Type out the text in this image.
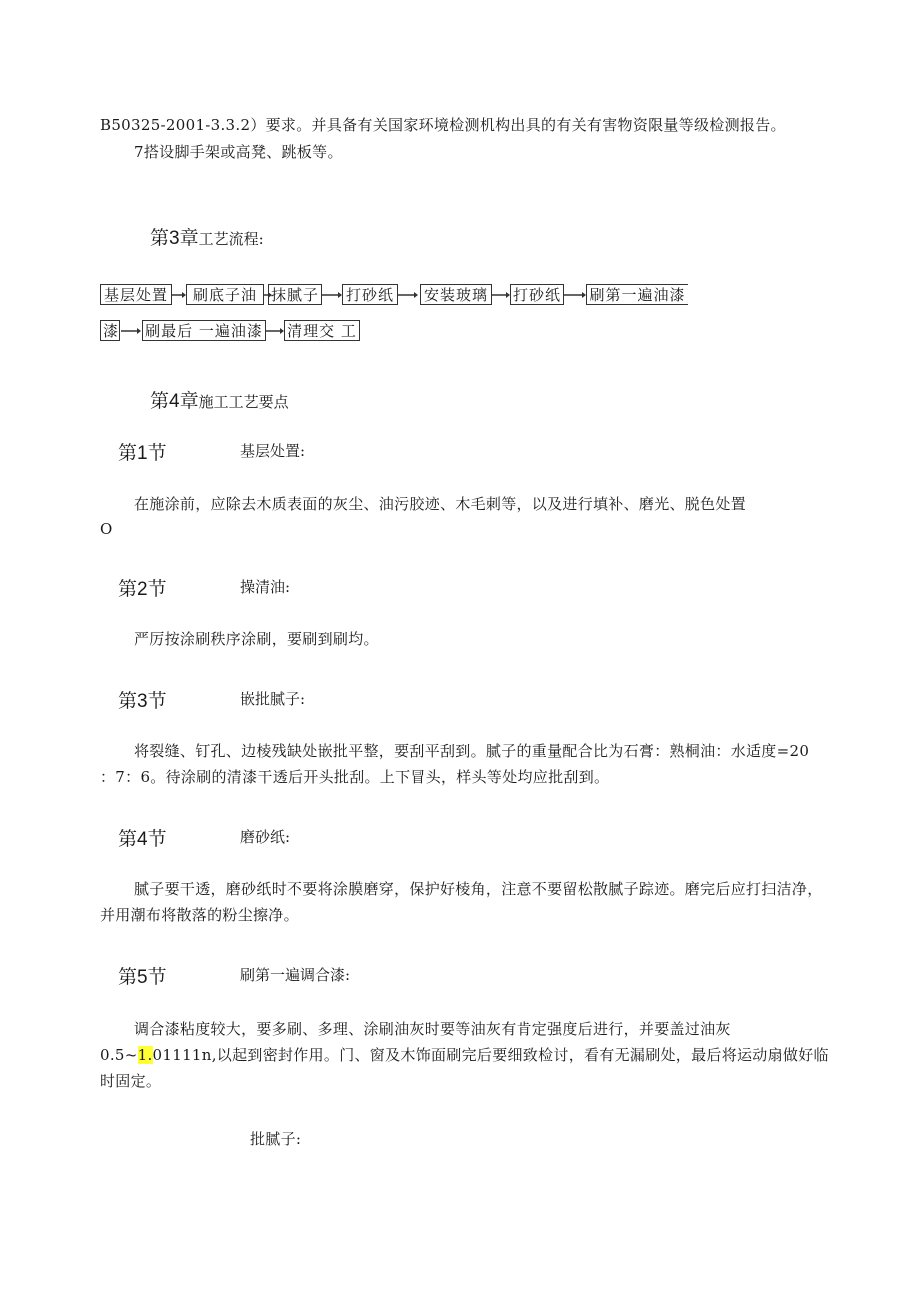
B50325-2001-3.3.2）要求。并具备有关国家环境检测机构出具的有关有害物资限量等级检测报告。
7搭设脚手架或高凳、跳板等。
第3章工艺流程:
基层处置	刷底子油 抹腻子 打砂纸 安装玻璃 打砂纸 刷第一遍油漆
漆 刷最后 一遍油漆 清理交 工
第4章施工工艺要点
第1节	基层处置:
在施涂前，应除去木质表面的灰尘、油污胶迹、木毛刺等，以及进行填补、磨光、脱色处置
O
第2节	操清油:
严厉按涂刷秩序涂刷，要刷到刷均。
第3节	嵌批腻子:
将裂缝、钉孔、边棱残缺处嵌批平整，要刮平刮到。腻子的重量配合比为石膏：熟桐油：水适度=20
：7：6。待涂刷的清漆干透后开头批刮。上下冒头，样头等处均应批刮到。
第4节	磨砂纸:
腻子要干透，磨砂纸时不要将涂膜磨穿，保护好棱角，注意不要留松散腻子踪迹。磨完后应打扫洁净，
并用潮布将散落的粉尘擦净。
第5节	刷第一遍调合漆:
调合漆粘度较大，要多刷、多理、涂刷油灰时要等油灰有肯定强度后进行，并要盖过油灰
0.5~1.01111n,以起到密封作用。门、窗及木饰面刷完后要细致检讨，看有无漏刷处，最后将运动扇做好临
时固定。
批腻子:
